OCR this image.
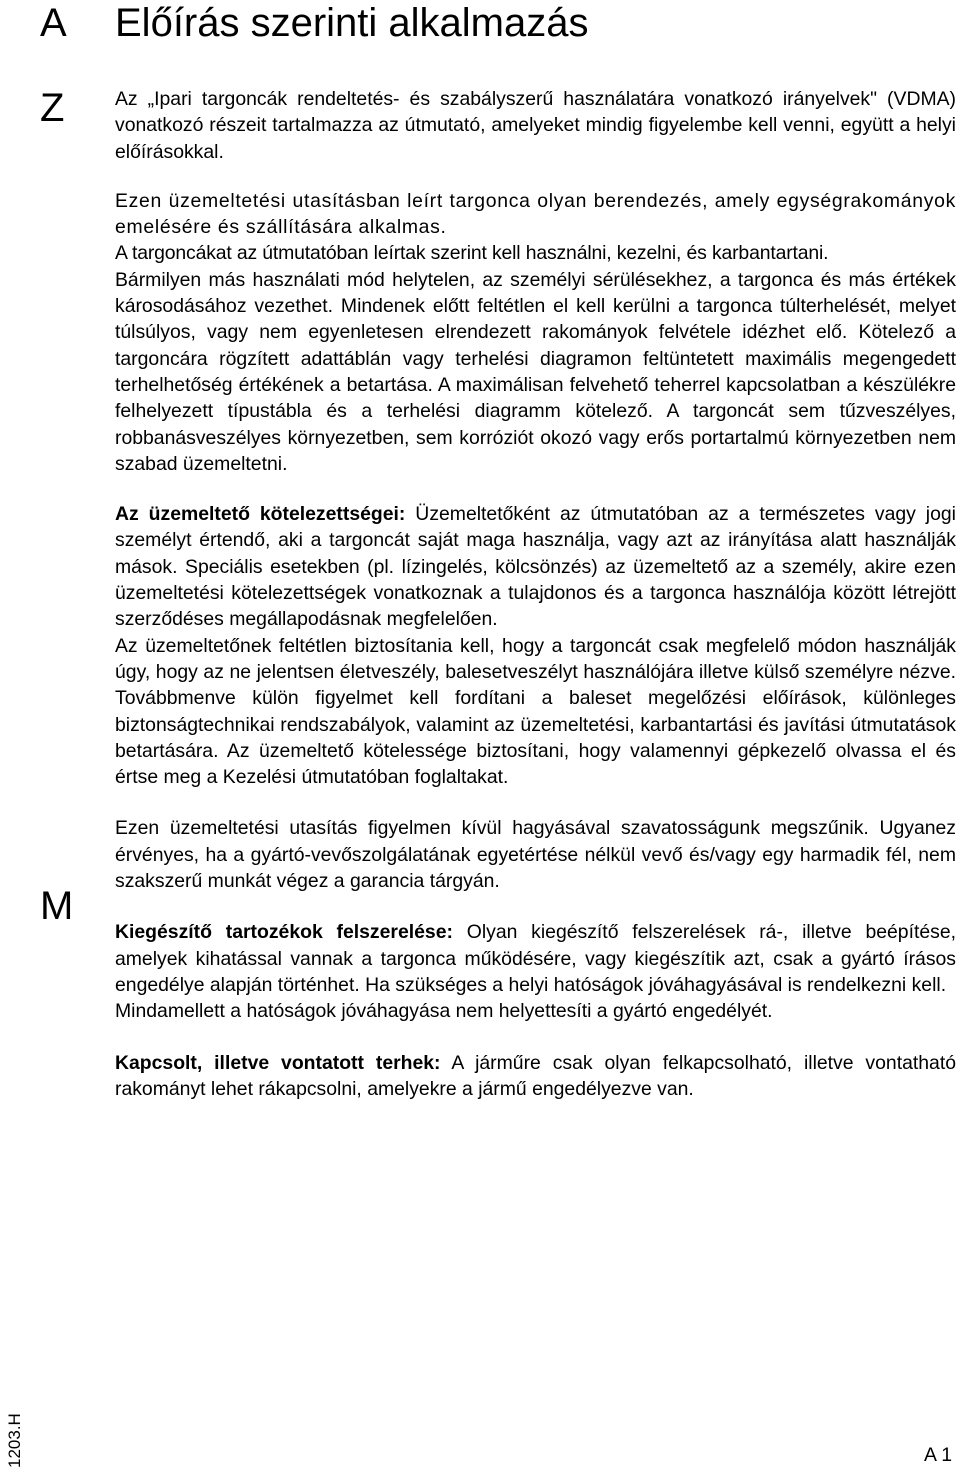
A Előírás szerinti alkalmazás
Z
M

Az „Ipari targoncák rendeltetés- és szabályszerű használatára vonatkozó irányelvek" (VDMA) vonatkozó részeit tartalmazza az útmutató, amelyeket mindig figyelembe kell venni, együtt a helyi előírásokkal.

Ezen üzemeltetési utasításban leírt targonca olyan berendezés, amely egységrakományok emelésére és szállítására alkalmas.

A targoncákat az útmutatóban leírtak szerint kell használni, kezelni, és karbantartani.

Bármilyen más használati mód helytelen, az személyi sérülésekhez, a targonca és más értékek károsodásához vezethet. Mindenek előtt feltétlen el kell kerülni a targonca túlterhelését, melyet túlsúlyos, vagy nem egyenletesen elrendezett rakományok felvétele idézhet elő. Kötelező a targoncára rögzített adattáblán vagy terhelési diagramon feltüntetett maximális megengedett terhelhetőség értékének a betartása. A maximálisan felvehető teherrel kapcsolatban a készülékre felhelyezett típustábla és a terhelési diagramm kötelező. A targoncát sem tűzveszélyes, robbanásveszélyes környezetben, sem korróziót okozó vagy erős portartalmú környezetben nem szabad üzemeltetni.

Az üzemeltető kötelezettségei: Üzemeltetőként az útmutatóban az a természetes vagy jogi személyt értendő, aki a targoncát saját maga használja, vagy azt az irányítása alatt használják mások. Speciális esetekben (pl. lízingelés, kölcsönzés) az üzemeltető az a személy, akire ezen üzemeltetési kötelezettségek vonatkoznak a tulajdonos és a targonca használója között létrejött szerződéses megállapodásnak megfelelően.

Az üzemeltetőnek feltétlen biztosítania kell, hogy a targoncát csak megfelelő módon használják úgy, hogy az ne jelentsen életveszély, balesetveszélyt használójára illetve külső személyre nézve. Továbbmenve külön figyelmet kell fordítani a baleset megelőzési előírások, különleges biztonságtechnikai rendszabályok, valamint az üzemeltetési, karbantartási és javítási útmutatások betartására. Az üzemeltető kötelessége biztosítani, hogy valamennyi gépkezelő olvassa el és értse meg a Kezelési útmutatóban foglaltakat.

Ezen üzemeltetési utasítás figyelmen kívül hagyásával szavatosságunk megszűnik. Ugyanez érvényes, ha a gyártó-vevőszolgálatának egyetértése nélkül vevő és/vagy egy harmadik fél, nem szakszerű munkát végez a garancia tárgyán.

Kiegészítő tartozékok felszerelése: Olyan kiegészítő felszerelések rá-, illetve beépítése, amelyek kihatással vannak a targonca működésére, vagy kiegészítik azt, csak a gyártó írásos engedélye alapján történhet. Ha szükséges a helyi hatóságok jóváhagyásával is rendelkezni kell.

Mindamellett a hatóságok jóváhagyása nem helyettesíti a gyártó engedélyét.

Kapcsolt, illetve vontatott terhek: A járműre csak olyan felkapcsolható, illetve vontatható rakományt lehet rákapcsolni, amelyekre a jármű engedélyezve van.

1203.H	A 1
